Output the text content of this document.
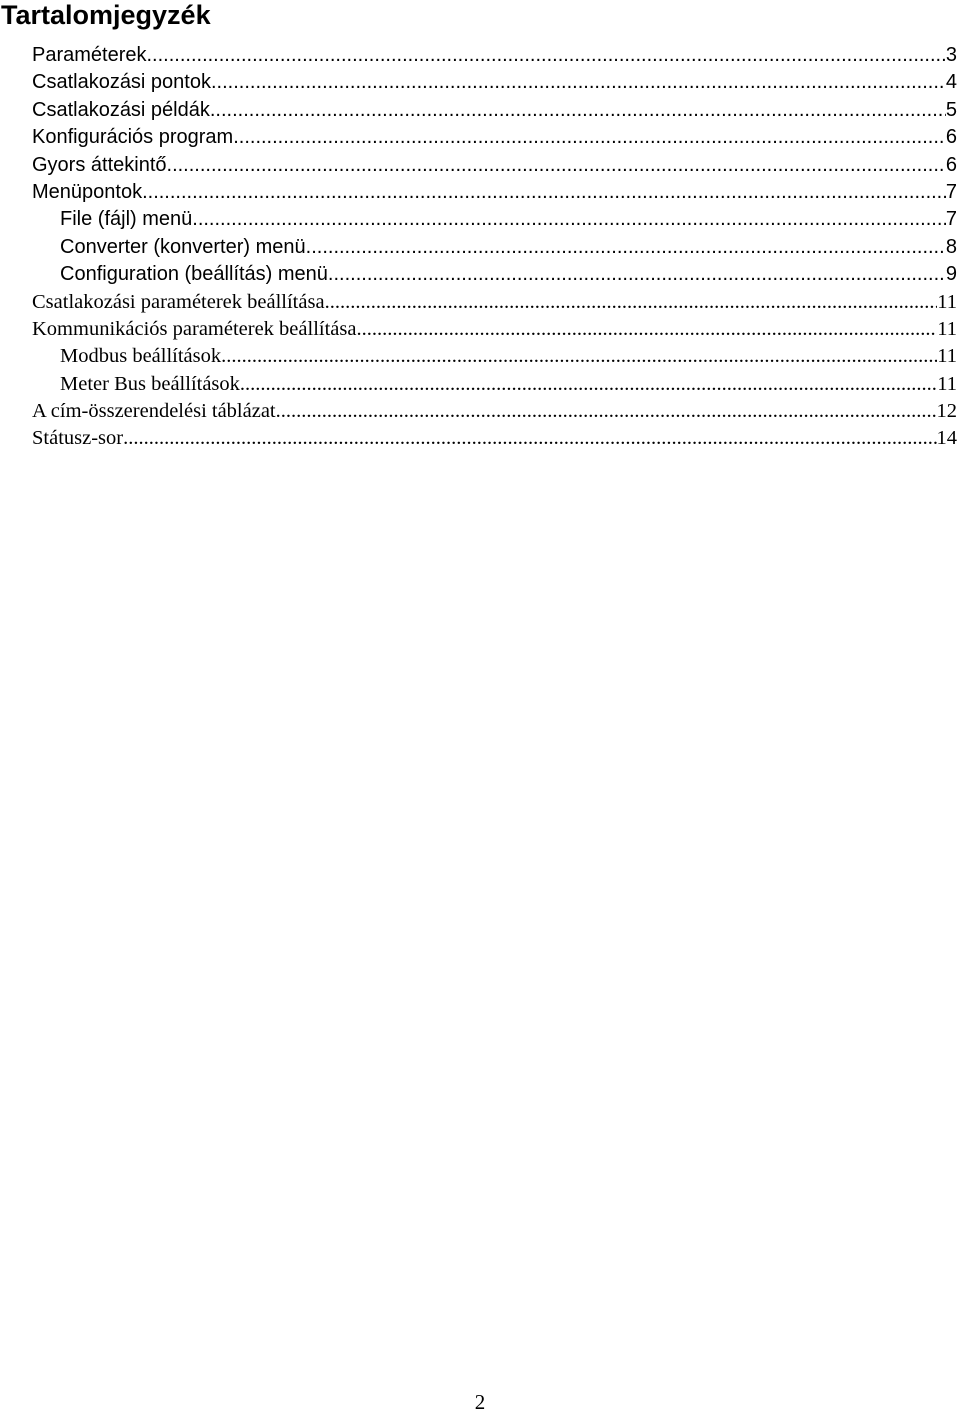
Tartalomjegyzék
Paraméterek .....	3
Csatlakozási pontok .....	4
Csatlakozási példák .....	5
Konfigurációs program .....	6
Gyors áttekintő .....	6
Menüpontok .....	7
File (fájl) menü .....	7
Converter (konverter) menü .....	8
Configuration (beállítás) menü .....	9
Csatlakozási paraméterek beállítása .....	11
Kommunikációs paraméterek beállítása .....	11
Modbus beállítások .....	11
Meter Bus beállítások .....	11
A cím-összerendelési táblázat .....	12
Státusz-sor .....	14
2
